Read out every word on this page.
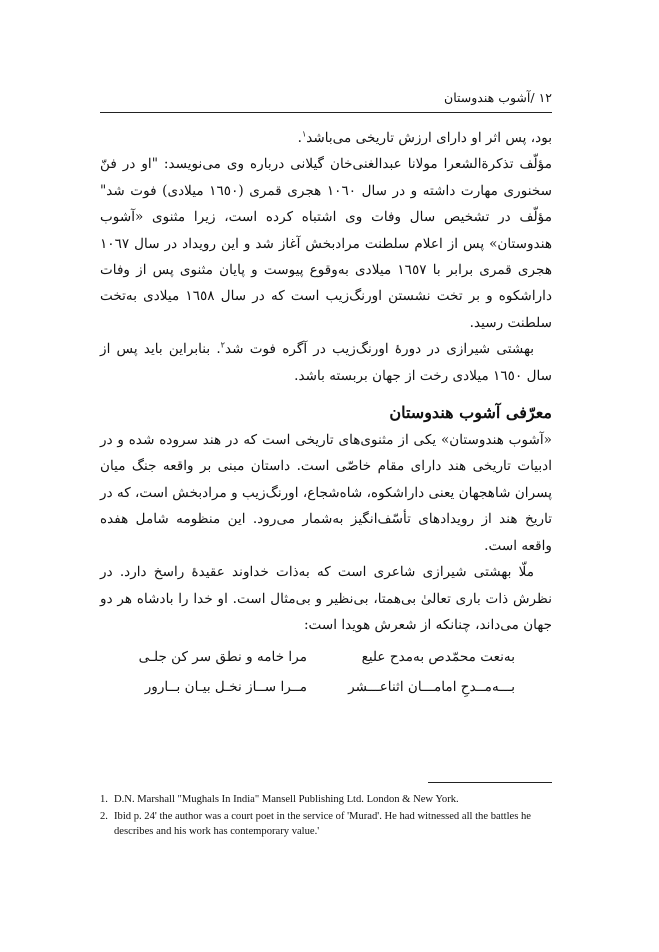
١٢ /آشوب هندوستان

بود، پس اثر او دارای ارزش تاریخی می‌باشد$^١$.

مؤلّف تذکرة‌الشعرا مولانا عبدالغنی‌خان گیلانی درباره وی می‌نویسد: "او در فنّ سخنوری مهارت داشته و در سال ١٠٦٠ هجری قمری (١٦٥٠ میلادی) فوت شد" مؤلّف در تشخیص سال وفات وی اشتباه کرده است، زیرا مثنوی «آشوب هندوستان» پس از اعلام سلطنت مرادبخش آغاز شد و این رویداد در سال ١٠٦٧ هجری قمری برابر با ١٦٥٧ میلادی به‌وقوع پیوست و پایان مثنوی پس از وفات داراشکوه و بر تخت نشستن اورنگ‌زیب است که در سال ١٦٥٨ میلادی به‌تخت سلطنت رسید.

بهشتی شیرازی در دورهٔ اورنگ‌زیب در آگره فوت شد$^٢$. بنابراین باید پس از سال ١٦٥٠ میلادی رخت از جهان بربسته باشد.

معرّفی آشوب هندوستان

«آشوب هندوستان» یکی از مثنوی‌های تاریخی است که در هند سروده شده و در ادبیات تاریخی هند دارای مقام خاصّی است. داستان مبنی بر واقعه جنگ میان پسران شاهجهان یعنی داراشکوه، شاه‌شجاع، اورنگ‌زیب و مرادبخش است، که در تاریخ هند از رویدادهای تأسّف‌انگیز به‌شمار می‌رود. این منظومه شامل هفده واقعه است.

ملّا بهشتی شیرازی شاعری است که به‌ذات خداوند عقیدهٔ راسخ دارد. در نظرش ذات باری تعالیٰ بی‌همتا، بی‌نظیر و بی‌مثال است. او خدا را بادشاه هر دو جهان می‌داند، چنانکه از شعرش هویدا است:

به‌نعت محمّدص به‌مدح علیع
مرا خامه و نطق سر کن جلـی
بـــه‌مــدحِ امامـــان اثناعـــشر
مــرا ســاز نخـل بیـان بــارور
1. D.N. Marshall "Mughals In India" Mansell Publishing Ltd. London & New York.
2. Ibid p. 24' the author was a court poet in the service of 'Murad'. He had witnessed all the battles he describes and his work has contemporary value.'
